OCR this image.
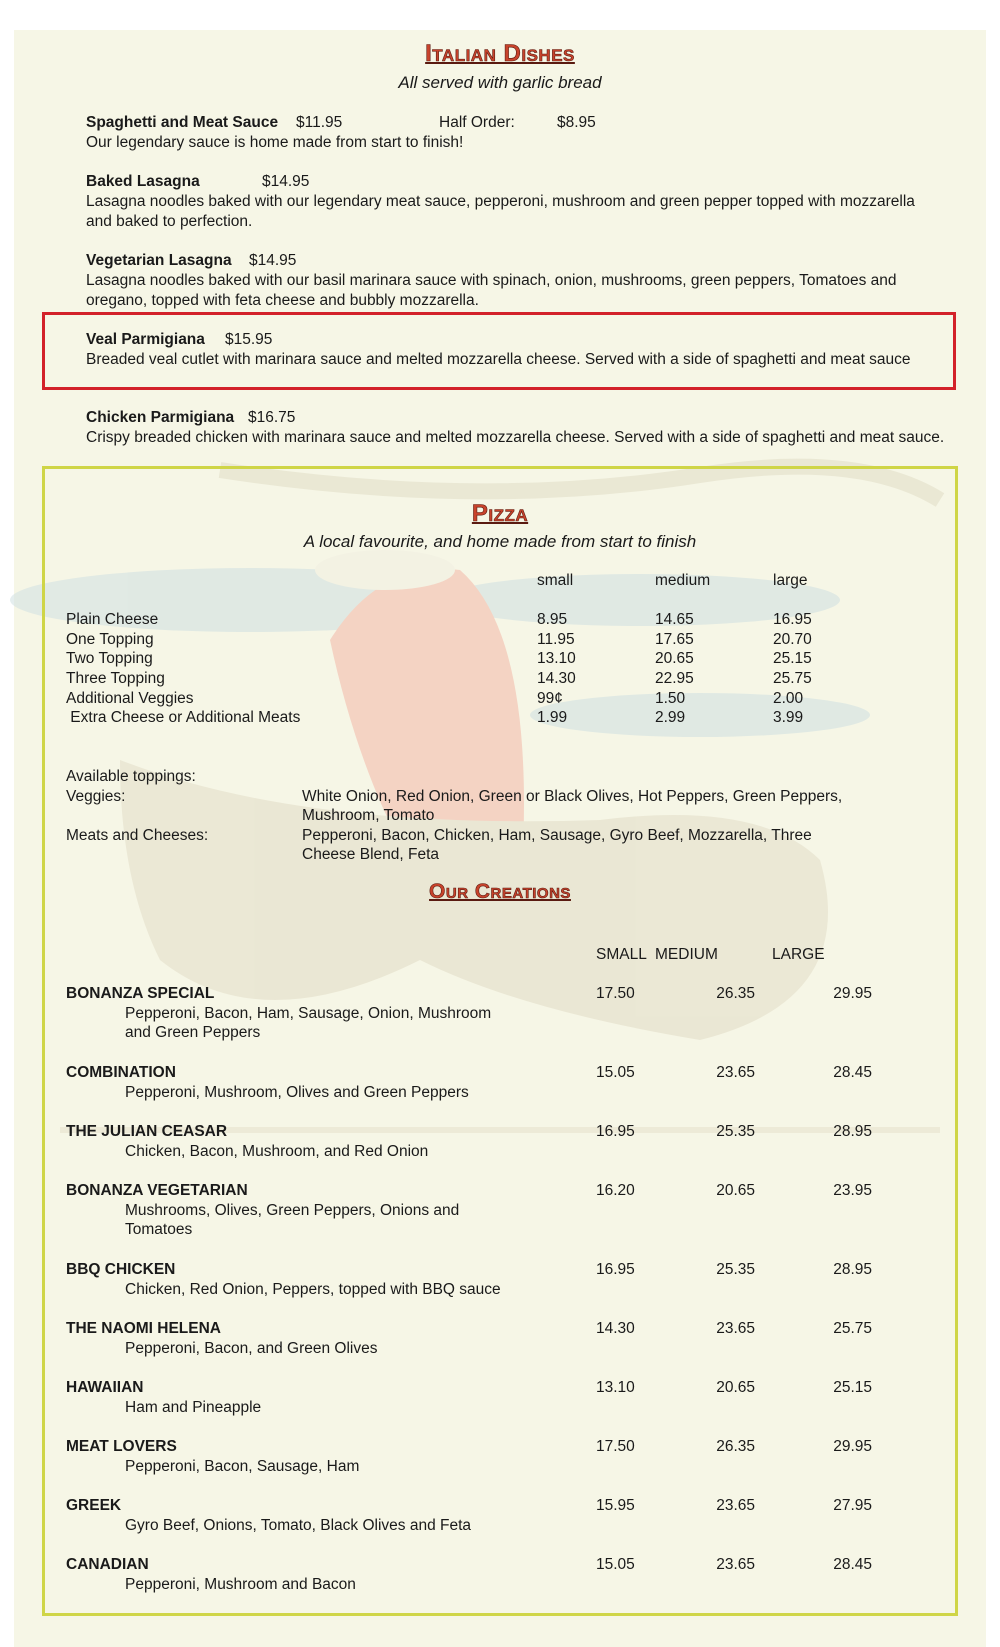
Italian Dishes
All served with garlic bread
Spaghetti and Meat Sauce $11.95	Half Order:	$8.95
Our legendary sauce is home made from start to finish!
Baked Lasagna	$14.95
Lasagna noodles baked with our legendary meat sauce, pepperoni, mushroom and green pepper topped with mozzarella and baked to perfection.
Vegetarian Lasagna $14.95
Lasagna noodles baked with our basil marinara sauce with spinach, onion, mushrooms, green peppers, Tomatoes and oregano, topped with feta cheese and bubbly mozzarella.
Veal Parmigiana $15.95
Breaded veal cutlet with marinara sauce and melted mozzarella cheese. Served with a side of spaghetti and meat sauce
Chicken Parmigiana $16.75
Crispy breaded chicken with marinara sauce and melted mozzarella cheese. Served with a side of spaghetti and meat sauce.
Pizza
A local favourite, and home made from start to finish
small	medium	large
Plain Cheese	8.95	14.65	16.95
One Topping	11.95	17.65	20.70
Two Topping	13.10	20.65	25.15
Three Topping	14.30	22.95	25.75
Additional Veggies	99¢	1.50	2.00
Extra Cheese or Additional Meats	1.99	2.99	3.99
Available toppings:
Veggies:	White Onion, Red Onion, Green or Black Olives, Hot Peppers, Green Peppers,
Mushroom, Tomato
Meats and Cheeses:	Pepperoni, Bacon, Chicken, Ham, Sausage, Gyro Beef, Mozzarella, Three
Cheese Blend, Feta
Our Creations
SMALL MEDIUM	LARGE
BONANZA SPECIAL
Pepperoni, Bacon, Ham, Sausage, Onion, Mushroom
and Green Peppers
17.50	26.35	29.95
COMBINATION
Pepperoni, Mushroom, Olives and Green Peppers
15.05	23.65	28.45
THE JULIAN CEASAR
Chicken, Bacon, Mushroom, and Red Onion
16.95	25.35	28.95
BONANZA VEGETARIAN
Mushrooms, Olives, Green Peppers, Onions and
Tomatoes
16.20	20.65	23.95
BBQ CHICKEN
Chicken, Red Onion, Peppers, topped with BBQ sauce
16.95	25.35	28.95
THE NAOMI HELENA
Pepperoni, Bacon, and Green Olives
14.30	23.65	25.75
HAWAIIAN
Ham and Pineapple
13.10	20.65	25.15
MEAT LOVERS
Pepperoni, Bacon, Sausage, Ham
17.50	26.35	29.95
GREEK
Gyro Beef, Onions, Tomato, Black Olives and Feta
15.95	23.65	27.95
CANADIAN
Pepperoni, Mushroom and Bacon
15.05	23.65	28.45
